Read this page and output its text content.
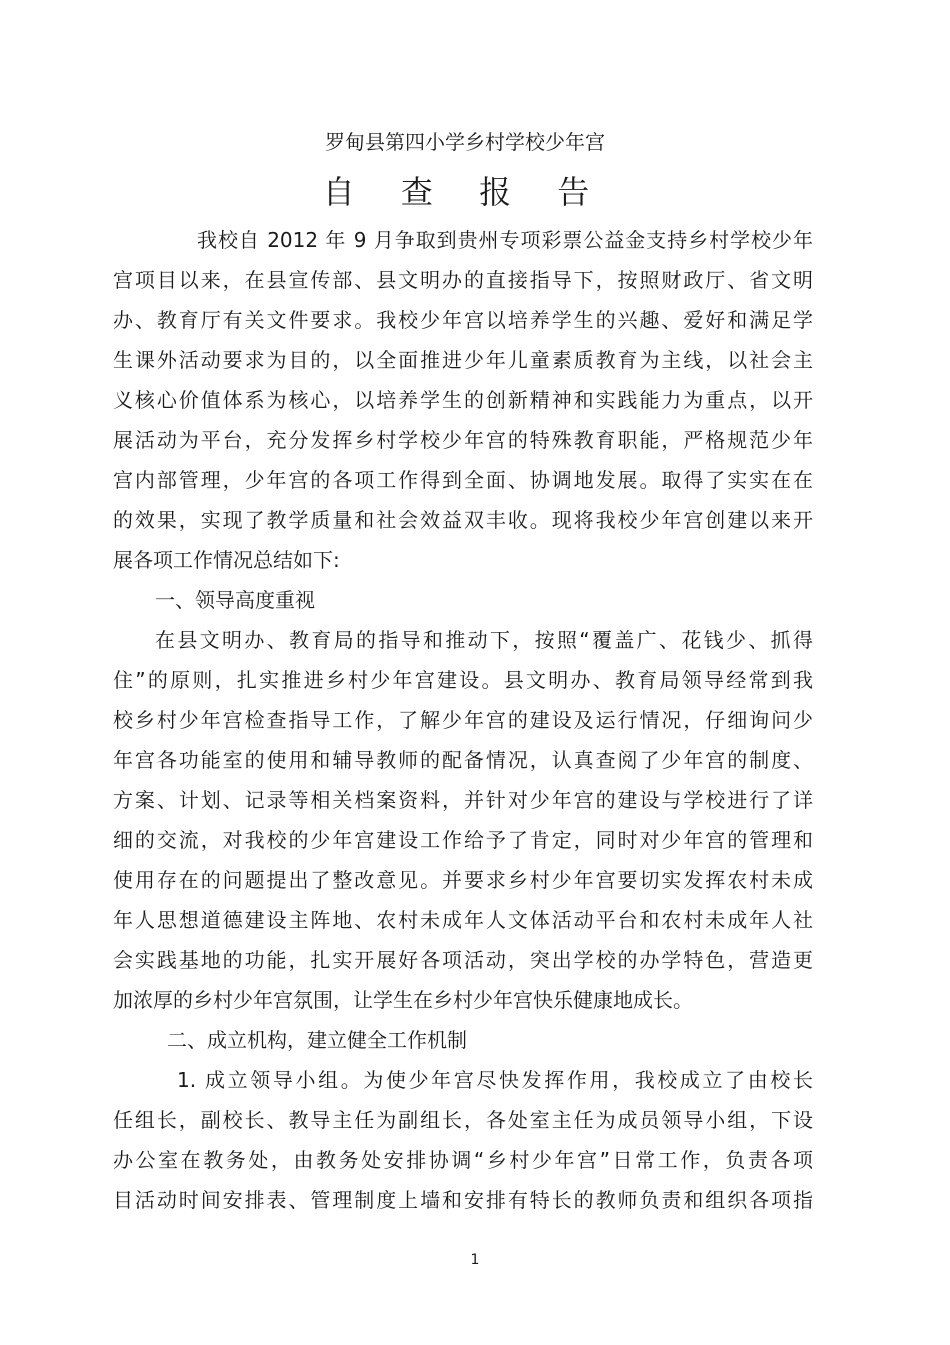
罗甸县第四小学乡村学校少年宫
自 查 报 告
我校自 2012 年 9 月争取到贵州专项彩票公益金支持乡村学校少年
宫项目以来，在县宣传部、县文明办的直接指导下，按照财政厅、省文明
办、教育厅有关文件要求。我校少年宫以培养学生的兴趣、爱好和满足学
生课外活动要求为目的，以全面推进少年儿童素质教育为主线，以社会主
义核心价值体系为核心，以培养学生的创新精神和实践能力为重点，以开
展活动为平台，充分发挥乡村学校少年宫的特殊教育职能，严格规范少年
宫内部管理，少年宫的各项工作得到全面、协调地发展。取得了实实在在
的效果，实现了教学质量和社会效益双丰收。现将我校少年宫创建以来开
展各项工作情况总结如下:
一、领导高度重视
在县文明办、教育局的指导和推动下，按照“覆盖广、花钱少、抓得
住”的原则，扎实推进乡村少年宫建设。县文明办、教育局领导经常到我
校乡村少年宫检查指导工作，了解少年宫的建设及运行情况，仔细询问少
年宫各功能室的使用和辅导教师的配备情况，认真查阅了少年宫的制度、
方案、计划、记录等相关档案资料，并针对少年宫的建设与学校进行了详
细的交流，对我校的少年宫建设工作给予了肯定，同时对少年宫的管理和
使用存在的问题提出了整改意见。并要求乡村少年宫要切实发挥农村未成
年人思想道德建设主阵地、农村未成年人文体活动平台和农村未成年人社
会实践基地的功能，扎实开展好各项活动，突出学校的办学特色，营造更
加浓厚的乡村少年宫氛围，让学生在乡村少年宫快乐健康地成长。
二、成立机构，建立健全工作机制
1. 成立领导小组。为使少年宫尽快发挥作用，我校成立了由校长
任组长，副校长、教导主任为副组长，各处室主任为成员领导小组，下设
办公室在教务处，由教务处安排协调“乡村少年宫”日常工作，负责各项
目活动时间安排表、管理制度上墙和安排有特长的教师负责和组织各项指
1
